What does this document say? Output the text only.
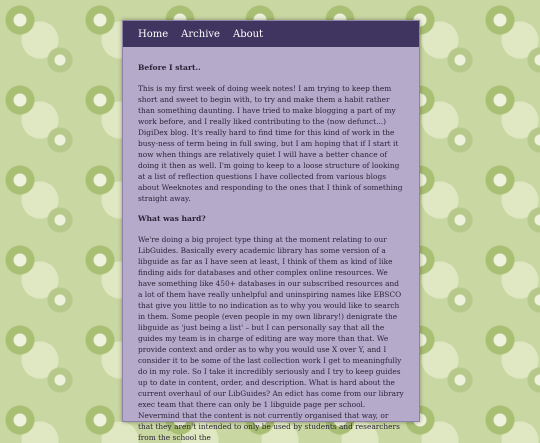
Home Archive About
Before I start..

This is my first week of doing week notes! I am trying to keep them short and sweet to begin with, to try and make them a habit rather than something daunting. I have tried to make blogging a part of my work before, and I really liked contributing to the (now defunct...) DigiDex blog. It's really hard to find time for this kind of work in the busy-ness of term being in full swing, but I am hoping that if I start it now when things are relatively quiet I will have a better chance of doing it then as well. I'm going to keep to a loose structure of looking at a list of reflection questions I have collected from various blogs about Weeknotes and responding to the ones that I think of something straight away.

What was hard?

We're doing a big project type thing at the moment relating to our LibGuides. Basically every academic library has some version of a libguide as far as I have seen at least, I think of them as kind of like finding aids for databases and other complex online resources. We have something like 450+ databases in our subscribed resources and a lot of them have really unhelpful and uninspiring names like EBSCO that give you little to no indication as to why you would like to search in them. Some people (even people in my own library!) denigrate the libguide as 'just being a list' – but I can personally say that all the guides my team is in charge of editing are way more than that. We provide context and order as to why you would use X over Y, and I consider it to be some of the last collection work I get to meaningfully do in my role. So I take it incredibly seriously and I try to keep guides up to date in content, order, and description. What is hard about the current overhaul of our LibGuides? An edict has come from our library exec team that there can only be 1 libguide page per school. Nevermind that the content is not currently organised that way, or that they aren't intended to only be used by students and researchers from the school the
